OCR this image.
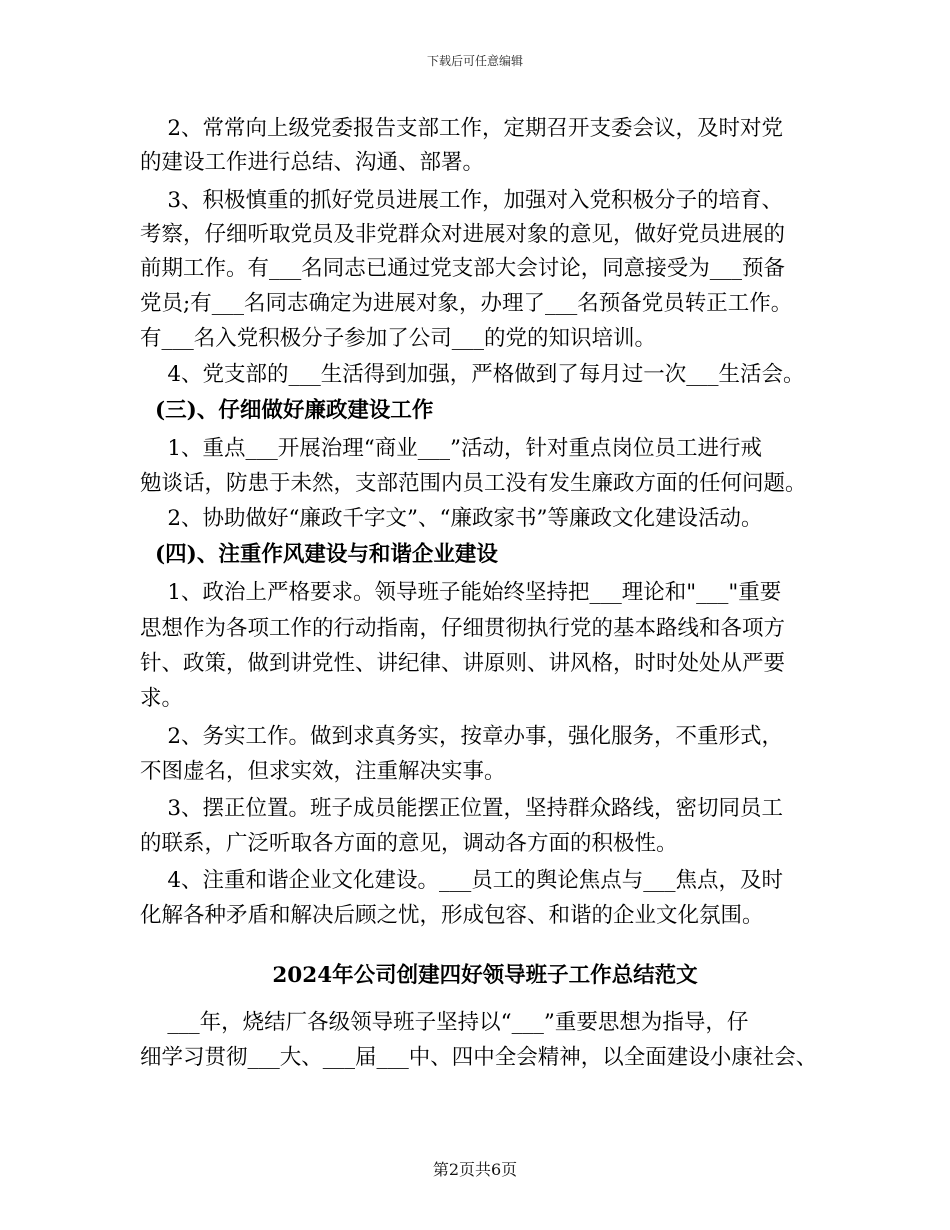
下载后可任意编辑
2、常常向上级党委报告支部工作，定期召开支委会议，及时对党
的建设工作进行总结、沟通、部署。
3、积极慎重的抓好党员进展工作，加强对入党积极分子的培育、
考察，仔细听取党员及非党群众对进展对象的意见，做好党员进展的
前期工作。有___名同志已通过党支部大会讨论，同意接受为___预备
党员;有___名同志确定为进展对象，办理了___名预备党员转正工作。
有___名入党积极分子参加了公司___的党的知识培训。
4、党支部的___生活得到加强，严格做到了每月过一次___生活会。
(三)、仔细做好廉政建设工作
1、重点___开展治理“商业___”活动，针对重点岗位员工进行戒
勉谈话，防患于未然，支部范围内员工没有发生廉政方面的任何问题。
2、协助做好“廉政千字文”、“廉政家书”等廉政文化建设活动。
(四)、注重作风建设与和谐企业建设
1、政治上严格要求。领导班子能始终坚持把___理论和"___"重要
思想作为各项工作的行动指南，仔细贯彻执行党的基本路线和各项方
针、政策，做到讲党性、讲纪律、讲原则、讲风格，时时处处从严要
求。
2、务实工作。做到求真务实，按章办事，强化服务，不重形式，
不图虚名，但求实效，注重解决实事。
3、摆正位置。班子成员能摆正位置，坚持群众路线，密切同员工
的联系，广泛听取各方面的意见，调动各方面的积极性。
4、注重和谐企业文化建设。___员工的舆论焦点与___焦点，及时
化解各种矛盾和解决后顾之忧，形成包容、和谐的企业文化氛围。
2024年公司创建四好领导班子工作总结范文
___年，烧结厂各级领导班子坚持以“___”重要思想为指导，仔
细学习贯彻___大、___届___中、四中全会精神，以全面建设小康社会、
第2页共6页
